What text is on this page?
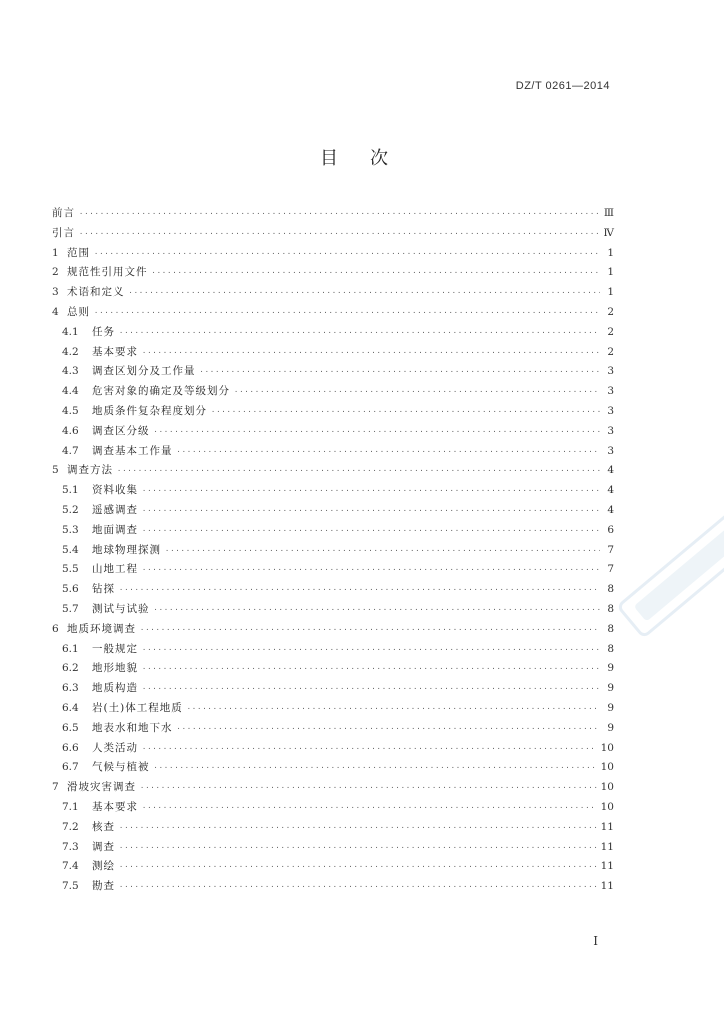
DZ/T 0261—2014
目次
前言 ·····	Ⅲ
引言 ·····	Ⅳ
1 范围 ·····	1
2 规范性引用文件 ·····	1
3 术语和定义 ·····	1
4 总则 ·····	2
4.1	任务 ·····	2
4.2	基本要求 ·····	2
4.3	调查区划分及工作量 ·····	3
4.4	危害对象的确定及等级划分 ·····	3
4.5	地质条件复杂程度划分 ·····	3
4.6	调查区分级 ·····	3
4.7	调查基本工作量 ·····	3
5 调查方法 ·····	4
5.1	资料收集 ·····	4
5.2	遥感调查 ·····	4
5.3	地面调查 ·····	6
5.4	地球物理探测 ·····	7
5.5	山地工程 ·····	7
5.6	钻探 ·····	8
5.7	测试与试验 ·····	8
6 地质环境调查 ·····	8
6.1	一般规定 ·····	8
6.2	地形地貌 ·····	9
6.3	地质构造 ·····	9
6.4	岩(土)体工程地质 ·····	9
6.5	地表水和地下水 ·····	9
6.6	人类活动 ·····	10
6.7	气候与植被 ·····	10
7 滑坡灾害调查 ·····	10
7.1	基本要求 ·····	10
7.2	核查 ·····	11
7.3	调查 ·····	11
7.4	测绘 ·····	11
7.5	勘查 ·····	11
I
